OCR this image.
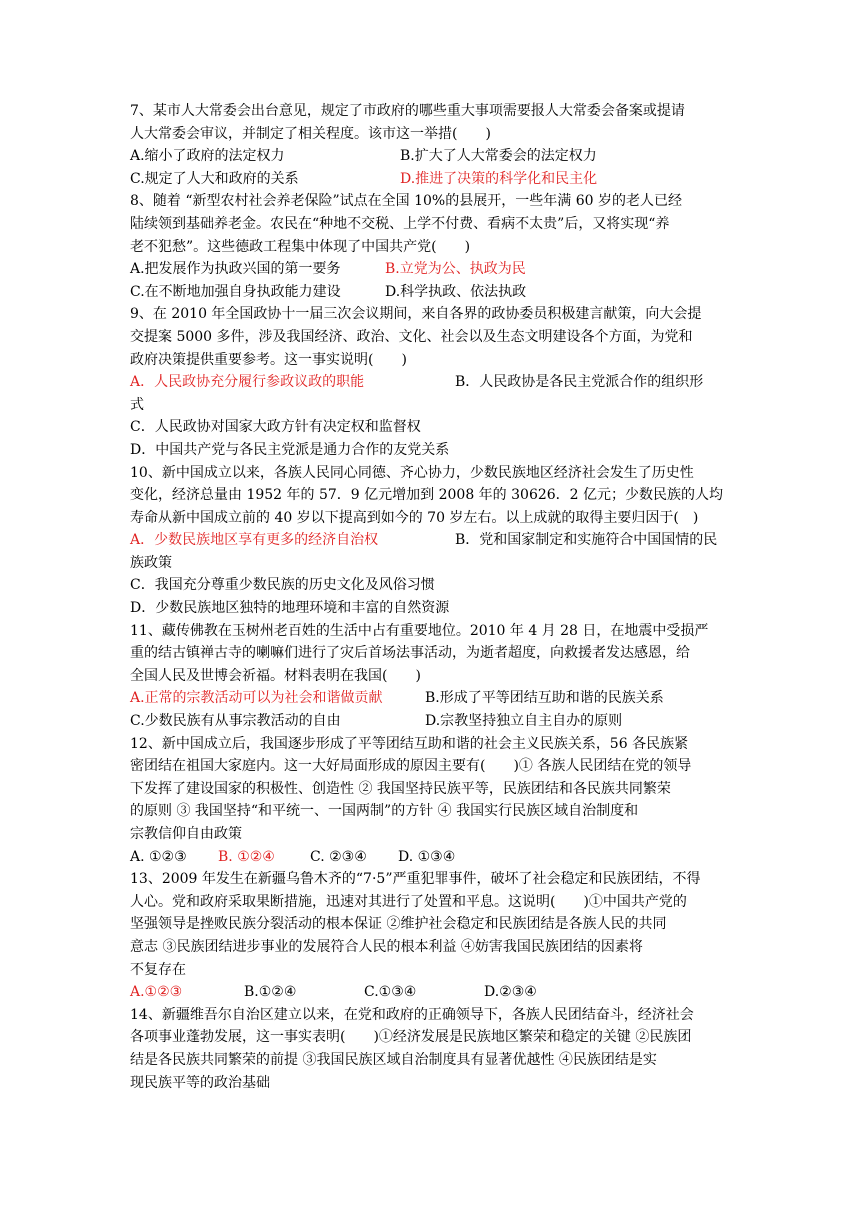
7、某市人大常委会出台意见，规定了市政府的哪些重大事项需要报人大常委会备案或提请

人大常委会审议，并制定了相关程度。该市这一举措(　　)

A.缩小了政府的法定权力	B.扩大了人大常委会的法定权力
C.规定了人大和政府的关系	D.推进了决策的科学化和民主化

8、随着 “新型农村社会养老保险”试点在全国 10%的县展开，一些年满 60 岁的老人已经

陆续领到基础养老金。农民在“种地不交税、上学不付费、看病不太贵”后，又将实现“养

老不犯愁”。这些德政工程集中体现了中国共产党(　　)

A.把发展作为执政兴国的第一要务	B.立党为公、执政为民
C.在不断地加强自身执政能力建设	D.科学执政、依法执政

9、在 2010 年全国政协十一届三次会议期间，来自各界的政协委员积极建言献策，向大会提

交提案 5000 多件，涉及我国经济、政治、文化、社会以及生态文明建设各个方面，为党和

政府决策提供重要参考。这一事实说明(　　)

A．人民政协充分履行参政议政的职能	B．人民政协是各民主党派合作的组织形

式

C．人民政协对国家大政方针有决定权和监督权

D．中国共产党与各民主党派是通力合作的友党关系

10、新中国成立以来，各族人民同心同德、齐心协力，少数民族地区经济社会发生了历史性

变化，经济总量由 1952 年的 57．9 亿元增加到 2008 年的 30626．2 亿元；少数民族的人均

寿命从新中国成立前的 40 岁以下提高到如今的 70 岁左右。以上成就的取得主要归因于(　)

A．少数民族地区享有更多的经济自治权	B．党和国家制定和实施符合中国国情的民

族政策

C．我国充分尊重少数民族的历史文化及风俗习惯

D．少数民族地区独特的地理环境和丰富的自然资源

11、藏传佛教在玉树州老百姓的生活中占有重要地位。2010 年 4 月 28 日，在地震中受损严

重的结古镇禅古寺的喇嘛们进行了灾后首场法事活动，为逝者超度，向救援者发达感恩，给

全国人民及世博会祈福。材料表明在我国(　　)

A.正常的宗教活动可以为社会和谐做贡献	B.形成了平等团结互助和谐的民族关系
C.少数民族有从事宗教活动的自由	D.宗教坚持独立自主自办的原则

12、新中国成立后，我国逐步形成了平等团结互助和谐的社会主义民族关系，56 各民族紧

密团结在祖国大家庭内。这一大好局面形成的原因主要有(　　)① 各族人民团结在党的领导

下发挥了建设国家的积极性、创造性 ② 我国坚持民族平等，民族团结和各民族共同繁荣

的原则 ③ 我国坚持“和平统一、一国两制”的方针 ④ 我国实行民族区域自治制度和

宗教信仰自由政策

A. ①②③	B. ①②④	C. ②③④	D. ①③④

13、2009 年发生在新疆乌鲁木齐的“7·5”严重犯罪事件，破坏了社会稳定和民族团结，不得

人心。党和政府采取果断措施，迅速对其进行了处置和平息。这说明(　　)①中国共产党的

坚强领导是挫败民族分裂活动的根本保证 ②维护社会稳定和民族团结是各族人民的共同

意志 ③民族团结进步事业的发展符合人民的根本利益 ④妨害我国民族团结的因素将

不复存在

A.①②③	B.①②④	C.①③④	D.②③④

14、新疆维吾尔自治区建立以来，在党和政府的正确领导下，各族人民团结奋斗，经济社会

各项事业蓬勃发展，这一事实表明(　　)①经济发展是民族地区繁荣和稳定的关键 ②民族团

结是各民族共同繁荣的前提 ③我国民族区域自治制度具有显著优越性 ④民族团结是实

现民族平等的政治基础
